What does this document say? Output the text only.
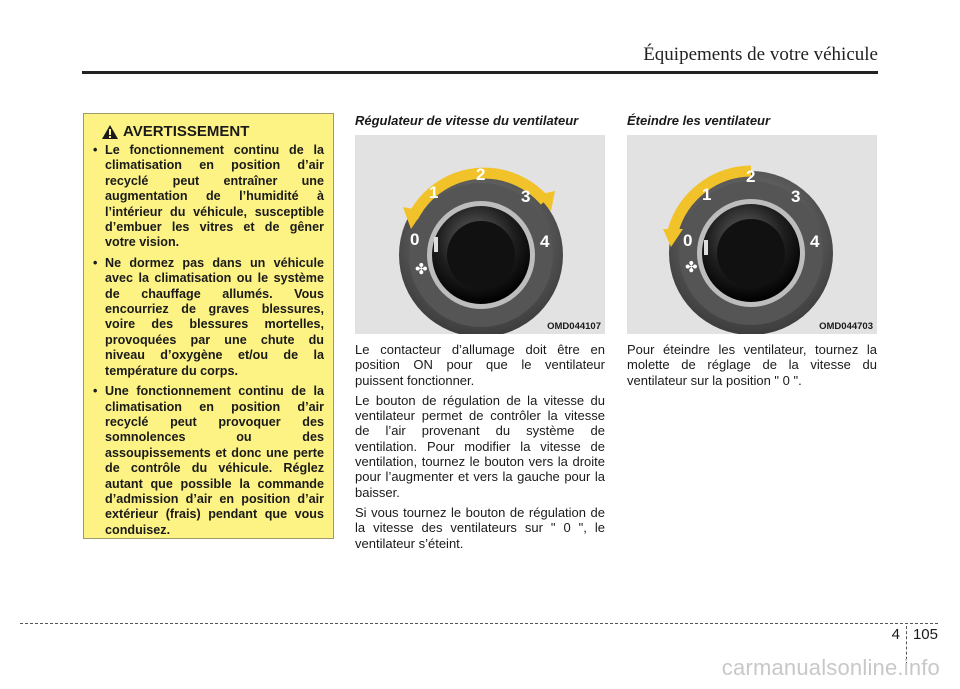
Équipements de votre véhicule
AVERTISSEMENT
• Le fonctionnement continu de la climatisation en position d’air recyclé peut entraîner une augmentation de l’humidité à l’intérieur du véhicule, susceptible d’embuer les vitres et de gêner votre vision.
• Ne dormez pas dans un véhicule avec la climatisation ou le système de chauffage allumés. Vous encourriez de graves blessures, voire des blessures mortelles, provoquées par une chute du niveau d’oxygène et/ou de la température du corps.
• Une fonctionnement continu de la climatisation en position d’air recyclé peut provoquer des somnolences ou des assoupissements et donc une perte de contrôle du véhicule. Réglez autant que possible la commande d’admission d’air en position d’air extérieur (frais) pendant que vous conduisez.
Régulateur de vitesse du ventilateur
0
1
2
3
4
✤
OMD044107

Le contacteur d’allumage doit être en position ON pour que le ventilateur puissent fonctionner.

Le bouton de régulation de la vitesse du ventilateur permet de contrôler la vitesse de l’air provenant du système de ventilation. Pour modifier la vitesse de ventilation, tournez le bouton vers la droite pour l’augmenter et vers la gauche pour la baisser.

Si vous tournez le bouton de régulation de la vitesse des ventilateurs sur " 0 ", le ventilateur s’éteint.

Éteindre les ventilateur
0
1
2
3
4
✤
OMD044703

Pour éteindre les ventilateur, tournez la molette de réglage de la vitesse du ventilateur sur la position " 0 ".

4 105
carmanualsonline.info
